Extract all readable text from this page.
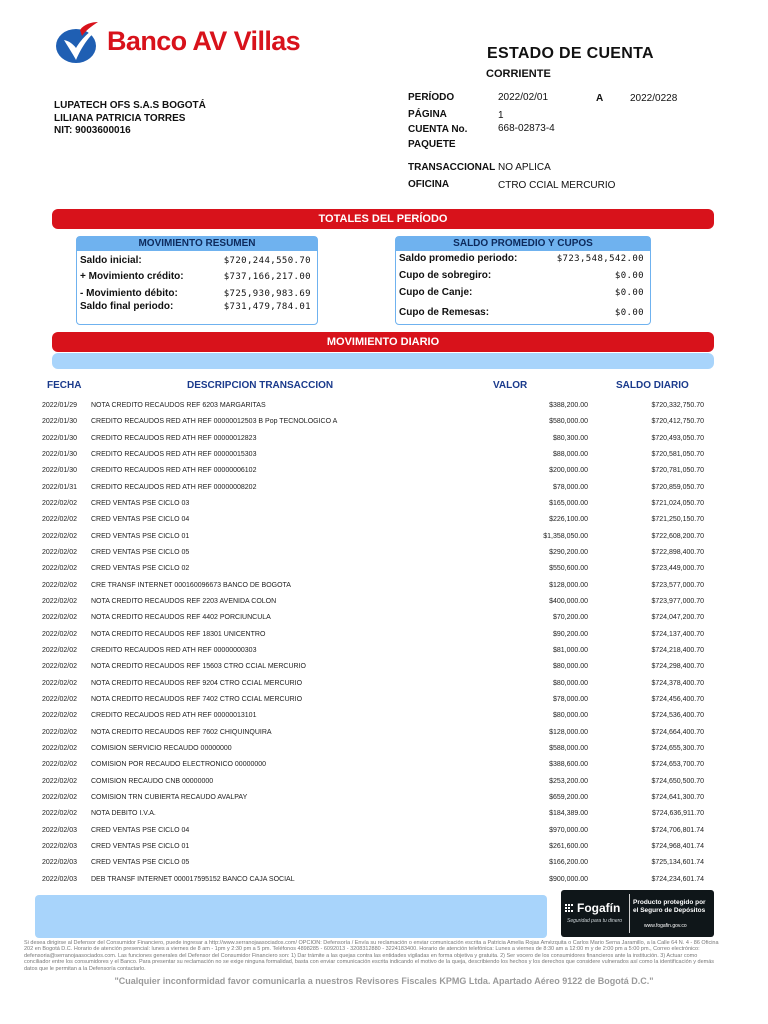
Banco AV Villas	ESTADO DE CUENTA
CORRIENTE
LUPATECH OFS S.A.S BOGOTÁ
LILIANA PATRICIA TORRES
NIT: 9003600016
PERÍODO	2022/02/01	A	2022/0228
PÁGINA	1
CUENTA No.	668-02873-4
PAQUETE
TRANSACCIONAL NO APLICA
OFICINA	CTRO CCIAL MERCURIO
TOTALES DEL PERÍODO
MOVIMIENTO RESUMEN
Saldo inicial:	$720,244,550.70
+ Movimiento crédito:	$737,166,217.00
- Movimiento débito:	$725,930,983.69
Saldo final periodo:	$731,479,784.01
SALDO PROMEDIO Y CUPOS
Saldo promedio periodo:	$723,548,542.00
Cupo de sobregiro:	$0.00
Cupo de Canje:	$0.00
Cupo de Remesas:	$0.00
MOVIMIENTO DIARIO
FECHA	DESCRIPCION TRANSACCION	VALOR	SALDO DIARIO
2022/01/29 NOTA CREDITO RECAUDOS REF 6203 MARGARITAS	$388,200.00	$720,332,750.70
2022/01/30 CREDITO RECAUDOS RED ATH REF 00000012503 B Pop TECNOLOGICO A	$580,000.00	$720,412,750.70
2022/01/30 CREDITO RECAUDOS RED ATH REF 00000012823	$80,300.00	$720,493,050.70
2022/01/30 CREDITO RECAUDOS RED ATH REF 00000015303	$88,000.00	$720,581,050.70
2022/01/30 CREDITO RECAUDOS RED ATH REF 00000006102	$200,000.00	$720,781,050.70
2022/01/31 CREDITO RECAUDOS RED ATH REF 00000008202	$78,000.00	$720,859,050.70
2022/02/02 CRED VENTAS PSE CICLO 03	$165,000.00	$721,024,050.70
2022/02/02 CRED VENTAS PSE CICLO 04	$226,100.00	$721,250,150.70
2022/02/02 CRED VENTAS PSE CICLO 01	$1,358,050.00	$722,608,200.70
2022/02/02 CRED VENTAS PSE CICLO 05	$290,200.00	$722,898,400.70
2022/02/02 CRED VENTAS PSE CICLO 02	$550,600.00	$723,449,000.70
2022/02/02 CRE TRANSF INTERNET 000160096673 BANCO DE BOGOTA	$128,000.00	$723,577,000.70
2022/02/02 NOTA CREDITO RECAUDOS REF 2203 AVENIDA COLON	$400,000.00	$723,977,000.70
2022/02/02 NOTA CREDITO RECAUDOS REF 4402 PORCIUNCULA	$70,200.00	$724,047,200.70
2022/02/02 NOTA CREDITO RECAUDOS REF 18301 UNICENTRO	$90,200.00	$724,137,400.70
2022/02/02 CREDITO RECAUDOS RED ATH REF 00000000303	$81,000.00	$724,218,400.70
2022/02/02 NOTA CREDITO RECAUDOS REF 15603 CTRO CCIAL MERCURIO	$80,000.00	$724,298,400.70
2022/02/02 NOTA CREDITO RECAUDOS REF 9204 CTRO CCIAL MERCURIO	$80,000.00	$724,378,400.70
2022/02/02 NOTA CREDITO RECAUDOS REF 7402 CTRO CCIAL MERCURIO	$78,000.00	$724,456,400.70
2022/02/02 CREDITO RECAUDOS RED ATH REF 00000013101	$80,000.00	$724,536,400.70
2022/02/02 NOTA CREDITO RECAUDOS REF 7602 CHIQUINQUIRA	$128,000.00	$724,664,400.70
2022/02/02 COMISION SERVICIO RECAUDO 00000000	$588,000.00	$724,655,300.70
2022/02/02 COMISION POR RECAUDO ELECTRONICO 00000000	$388,600.00	$724,653,700.70
2022/02/02 COMISION RECAUDO CNB 00000000	$253,200.00	$724,650,500.70
2022/02/02 COMISION TRN CUBIERTA RECAUDO AVALPAY	$659,200.00	$724,641,300.70
2022/02/02 NOTA DEBITO I.V.A.	$184,389.00	$724,636,911.70
2022/02/03 CRED VENTAS PSE CICLO 04	$970,000.00	$724,706,801.74
2022/02/03 CRED VENTAS PSE CICLO 01	$261,600.00	$724,968,401.74
2022/02/03 CRED VENTAS PSE CICLO 05	$166,200.00	$725,134,601.74
2022/02/03 DEB TRANSF INTERNET 000017595152 BANCO CAJA SOCIAL	$900,000.00	$724,234,601.74
Fogafín
Seguridad para tu dinero
Producto protegido por
el Seguro de Depósitos
www.fogafin.gov.co
Si desea dirigirse al Defensor del Consumidor Financiero, puede ingresar a http://www.serranojaasociados.com/ OPCION: Defensoría / Envía su reclamación o enviar comunicación escrita a Patricia Amelia Rojas Amézquita o Carlos Mario Serna Jaramillo, a la Calle 64 N. 4 - 86 Oficina 202 en Bogotá D.C. Horario de atención presencial: lunes a viernes de 8 am - 1pm y 2:30 pm a 5 pm. Teléfonos 4898285 - 6092013 - 3208312880 - 3224183400. Horario de atención telefónica: Lunes a viernes de 8:30 am a 12:00 m y de 2:00 pm a 5:00 pm., Correo electrónico: defensoria@serranojaasociados.com. Las funciones generales del Defensor del Consumidor Financiero son: 1) Dar trámite a las quejas contra las entidades vigiladas en forma objetiva y gratuita. 2) Ser vocero de los consumidores financieros ante la institución. 3) Actuar como conciliador entre los consumidores y el Banco. Para presentar su reclamación no se exige ninguna formalidad, basta con enviar comunicación escrita indicando el motivo de la queja, describiendo los hechos y los derechos que considere vulnerados así como la identificación y demás datos que le permitan a la Defensoría contactarlo.
"Cualquier inconformidad favor comunicarla a nuestros Revisores Fiscales KPMG Ltda. Apartado Aéreo 9122 de Bogotá D.C."
